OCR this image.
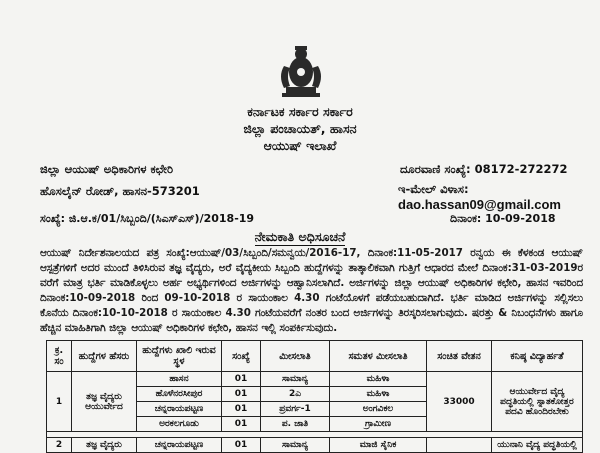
ಕರ್ನಾಟಕ ಸರ್ಕಾರ ಸರ್ಕಾರ
ಜಿಲ್ಲಾ ಪಂಚಾಯತ್, ಹಾಸನ
ಆಯುಷ್ ಇಲಾಖೆ
ಜಿಲ್ಲಾ ಆಯುಷ್ ಅಧಿಕಾರಿಗಳ ಕಛೇರಿ
ಹೊಸಲೈನ್ ರೋಡ್, ಹಾಸನ-573201
ದೂರವಾಣಿ ಸಂಖ್ಯೆ: 08172-272272
ಇ-ಮೇಲ್ ವಿಳಾಸ: dao.hassan09@gmail.com
ಸಂಖ್ಯೆ: ಜಿ.ಆ.ಕ/01/ಸಿಬ್ಬಂದಿ/(ಸಿಎಸ್‌ಎಸ್)/2018-19	ದಿನಾಂಕ: 10-09-2018
ನೇಮಕಾತಿ ಅಧಿಸೂಚನೆ
ಆಯುಷ್ ನಿರ್ದೇಶನಾಲಯದ ಪತ್ರ ಸಂಖ್ಯೆ:ಆಯುಷ್/03/ಸಿಬ್ಬಂದಿ/ಸಮನ್ವಯ/2016-17, ದಿನಾಂಕ:11-05-2017 ರನ್ವಯ ಈ ಕೆಳಕಂಡ ಆಯುಷ್ ಆಸ್ಪತ್ರೆಗಳಿಗೆ ಅದರ ಮುಂದೆ ತಿಳಿಸಿರುವ ತಜ್ಞ ವೈದ್ಯರು, ಅರೆ ವೈದ್ಯಕೀಯ ಸಿಬ್ಬಂದಿ ಹುದ್ದೆಗಳನ್ನು ತಾತ್ಕಾಲಿಕವಾಗಿ ಗುತ್ತಿಗೆ ಆಧಾರದ ಮೇಲೆ ದಿನಾಂಕ:31-03-2019ರ ವರೆಗೆ ಮಾತ್ರ ಭರ್ತಿ ಮಾಡಿಕೊಳ್ಳಲು ಅರ್ಹ ಅಭ್ಯರ್ಥಿಗಳಿಂದ ಅರ್ಜಿಗಳನ್ನು ಆಹ್ವಾನಿಸಲಾಗಿದೆ. ಅರ್ಜಿಗಳನ್ನು ಜಿಲ್ಲಾ ಆಯುಷ್ ಅಧಿಕಾರಿಗಳ ಕಛೇರಿ, ಹಾಸನ ಇವರಿಂದ ದಿನಾಂಕ:10-09-2018 ರಿಂದ 09-10-2018 ರ ಸಾಯಂಕಾಲ 4.30 ಗಂಟೆಯೊಳಗೆ ಪಡೆಯಬಹುದಾಗಿದೆ. ಭರ್ತಿ ಮಾಡಿದ ಅರ್ಜಿಗಳನ್ನು ಸಲ್ಲಿಸಲು ಕೊನೆಯ ದಿನಾಂಕ:10-10-2018 ರ ಸಾಯಂಕಾಲ 4.30 ಗಂಟೆಯವರೆಗೆ ನಂತರ ಬಂದ ಅರ್ಜಿಗಳನ್ನು ತಿರಸ್ಕರಿಸಲಾಗುವುದು. ಷರತ್ತು & ನಿಬಂಧನೆಗಳು ಹಾಗೂ ಹೆಚ್ಚಿನ ಮಾಹಿತಿಗಾಗಿ ಜಿಲ್ಲಾ ಆಯುಷ್ ಅಧಿಕಾರಿಗಳ ಕಛೇರಿ, ಹಾಸನ ಇಲ್ಲಿ ಸಂಪರ್ಕಿಸುವುದು.
ಕ್ರ. ಸಂ	ಹುದ್ದೆಗಳ ಹೆಸರು	ಹುದ್ದೆಗಳು ಖಾಲಿ ಇರುವ ಸ್ಥಳ	ಸಂಖ್ಯೆ	ಮೀಸಲಾತಿ	ಸಮತಳ ಮೀಸಲಾತಿ	ಸಂಚಿತ ವೇತನ	ಕನಿಷ್ಠ ವಿದ್ಯಾರ್ಹತೆ
1	ತಜ್ಞ ವೈದ್ಯರು ಆಯುರ್ವೇದ	ಹಾಸನ	01	ಸಾಮಾನ್ಯ	ಮಹಿಳಾ	33000	ಆಯುರ್ವೇದ ವೈದ್ಯ ಪದ್ಧತಿಯಲ್ಲಿ ಸ್ನಾತಕೋತ್ತರ ಪದವಿ ಹೊಂದಿರಬೇಕು
		ಹೊಳೆನರಸೀಪುರ	01	2ಎ	ಮಹಿಳಾ		
		ಚನ್ನರಾಯಪಟ್ಟಣ	01	ಪ್ರವರ್ಗ-1	ಅಂಗವಿಕಲ		
		ಅರಕಲಗೂಡು	01	ಪ. ಜಾತಿ	ಗ್ರಾಮೀಣ		

2	ತಜ್ಞ ವೈದ್ಯರು	ಚನ್ನರಾಯಪಟ್ಟಣ	01	ಸಾಮಾನ್ಯ	ಮಾಜಿ ಸೈನಿಕ		ಯುನಾನಿ ವೈದ್ಯ ಪದ್ಧತಿಯಲ್ಲಿ
